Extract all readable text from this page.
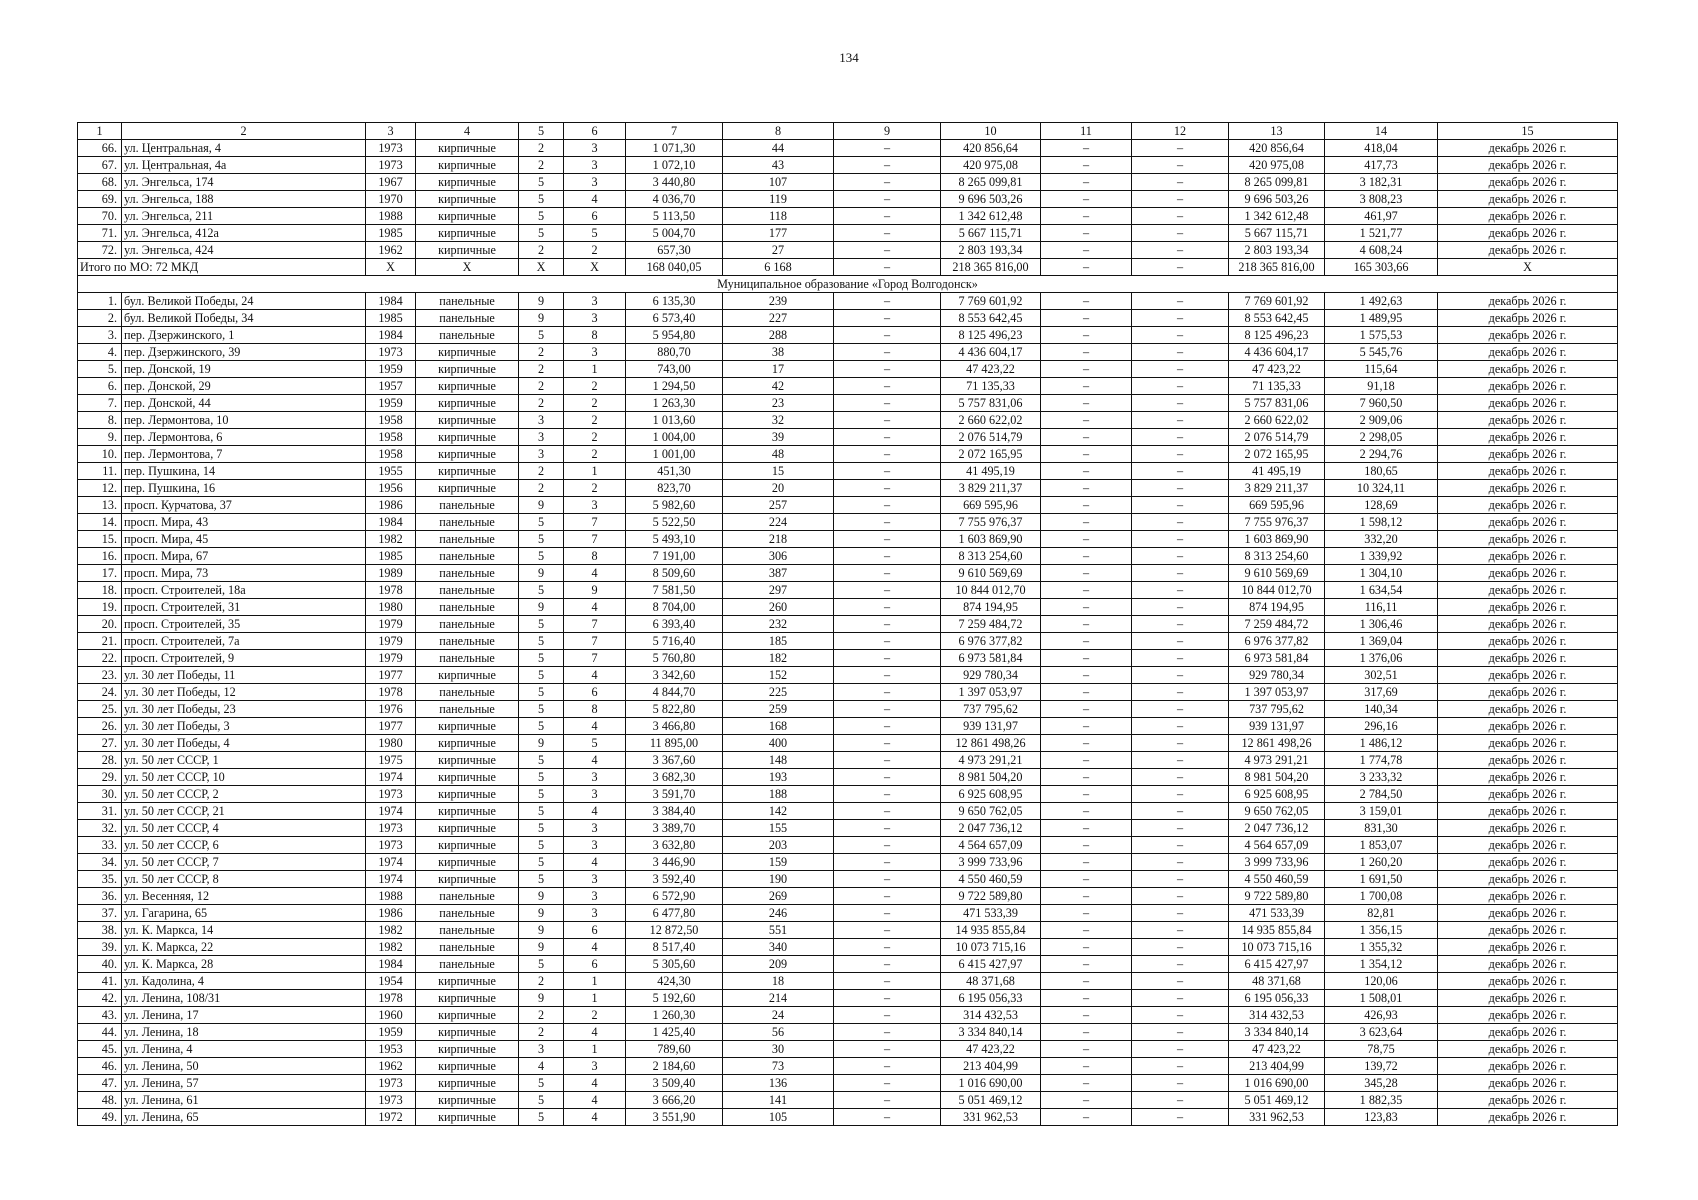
134
1	2	3	4	5	6	7	8	9	10	11	12	13	14	15
66.	ул. Центральная, 4	1973	кирпичные	2	3	1 071,30	44	–	420 856,64	–	–	420 856,64	418,04	декабрь 2026 г.
67.	ул. Центральная, 4а	1973	кирпичные	2	3	1 072,10	43	–	420 975,08	–	–	420 975,08	417,73	декабрь 2026 г.
68.	ул. Энгельса, 174	1967	кирпичные	5	3	3 440,80	107	–	8 265 099,81	–	–	8 265 099,81	3 182,31	декабрь 2026 г.
69.	ул. Энгельса, 188	1970	кирпичные	5	4	4 036,70	119	–	9 696 503,26	–	–	9 696 503,26	3 808,23	декабрь 2026 г.
70.	ул. Энгельса, 211	1988	кирпичные	5	6	5 113,50	118	–	1 342 612,48	–	–	1 342 612,48	461,97	декабрь 2026 г.
71.	ул. Энгельса, 412а	1985	кирпичные	5	5	5 004,70	177	–	5 667 115,71	–	–	5 667 115,71	1 521,77	декабрь 2026 г.
72.	ул. Энгельса, 424	1962	кирпичные	2	2	657,30	27	–	2 803 193,34	–	–	2 803 193,34	4 608,24	декабрь 2026 г.
Итого по МО: 72 МКД		Х	Х	Х	Х	168 040,05	6 168	–	218 365 816,00	–	–	218 365 816,00	165 303,66	Х
Муниципальное образование «Город Волгодонск»														
1.	бул. Великой Победы, 24	1984	панельные	9	3	6 135,30	239	–	7 769 601,92	–	–	7 769 601,92	1 492,63	декабрь 2026 г.
2.	бул. Великой Победы, 34	1985	панельные	9	3	6 573,40	227	–	8 553 642,45	–	–	8 553 642,45	1 489,95	декабрь 2026 г.
3.	пер. Дзержинского, 1	1984	панельные	5	8	5 954,80	288	–	8 125 496,23	–	–	8 125 496,23	1 575,53	декабрь 2026 г.
4.	пер. Дзержинского, 39	1973	кирпичные	2	3	880,70	38	–	4 436 604,17	–	–	4 436 604,17	5 545,76	декабрь 2026 г.
5.	пер. Донской, 19	1959	кирпичные	2	1	743,00	17	–	47 423,22	–	–	47 423,22	115,64	декабрь 2026 г.
6.	пер. Донской, 29	1957	кирпичные	2	2	1 294,50	42	–	71 135,33	–	–	71 135,33	91,18	декабрь 2026 г.
7.	пер. Донской, 44	1959	кирпичные	2	2	1 263,30	23	–	5 757 831,06	–	–	5 757 831,06	7 960,50	декабрь 2026 г.
8.	пер. Лермонтова, 10	1958	кирпичные	3	2	1 013,60	32	–	2 660 622,02	–	–	2 660 622,02	2 909,06	декабрь 2026 г.
9.	пер. Лермонтова, 6	1958	кирпичные	3	2	1 004,00	39	–	2 076 514,79	–	–	2 076 514,79	2 298,05	декабрь 2026 г.
10.	пер. Лермонтова, 7	1958	кирпичные	3	2	1 001,00	48	–	2 072 165,95	–	–	2 072 165,95	2 294,76	декабрь 2026 г.
11.	пер. Пушкина, 14	1955	кирпичные	2	1	451,30	15	–	41 495,19	–	–	41 495,19	180,65	декабрь 2026 г.
12.	пер. Пушкина, 16	1956	кирпичные	2	2	823,70	20	–	3 829 211,37	–	–	3 829 211,37	10 324,11	декабрь 2026 г.
13.	просп. Курчатова, 37	1986	панельные	9	3	5 982,60	257	–	669 595,96	–	–	669 595,96	128,69	декабрь 2026 г.
14.	просп. Мира, 43	1984	панельные	5	7	5 522,50	224	–	7 755 976,37	–	–	7 755 976,37	1 598,12	декабрь 2026 г.
15.	просп. Мира, 45	1982	панельные	5	7	5 493,10	218	–	1 603 869,90	–	–	1 603 869,90	332,20	декабрь 2026 г.
16.	просп. Мира, 67	1985	панельные	5	8	7 191,00	306	–	8 313 254,60	–	–	8 313 254,60	1 339,92	декабрь 2026 г.
17.	просп. Мира, 73	1989	панельные	9	4	8 509,60	387	–	9 610 569,69	–	–	9 610 569,69	1 304,10	декабрь 2026 г.
18.	просп. Строителей, 18а	1978	панельные	5	9	7 581,50	297	–	10 844 012,70	–	–	10 844 012,70	1 634,54	декабрь 2026 г.
19.	просп. Строителей, 31	1980	панельные	9	4	8 704,00	260	–	874 194,95	–	–	874 194,95	116,11	декабрь 2026 г.
20.	просп. Строителей, 35	1979	панельные	5	7	6 393,40	232	–	7 259 484,72	–	–	7 259 484,72	1 306,46	декабрь 2026 г.
21.	просп. Строителей, 7а	1979	панельные	5	7	5 716,40	185	–	6 976 377,82	–	–	6 976 377,82	1 369,04	декабрь 2026 г.
22.	просп. Строителей, 9	1979	панельные	5	7	5 760,80	182	–	6 973 581,84	–	–	6 973 581,84	1 376,06	декабрь 2026 г.
23.	ул. 30 лет Победы, 11	1977	кирпичные	5	4	3 342,60	152	–	929 780,34	–	–	929 780,34	302,51	декабрь 2026 г.
24.	ул. 30 лет Победы, 12	1978	панельные	5	6	4 844,70	225	–	1 397 053,97	–	–	1 397 053,97	317,69	декабрь 2026 г.
25.	ул. 30 лет Победы, 23	1976	панельные	5	8	5 822,80	259	–	737 795,62	–	–	737 795,62	140,34	декабрь 2026 г.
26.	ул. 30 лет Победы, 3	1977	кирпичные	5	4	3 466,80	168	–	939 131,97	–	–	939 131,97	296,16	декабрь 2026 г.
27.	ул. 30 лет Победы, 4	1980	кирпичные	9	5	11 895,00	400	–	12 861 498,26	–	–	12 861 498,26	1 486,12	декабрь 2026 г.
28.	ул. 50 лет СССР, 1	1975	кирпичные	5	4	3 367,60	148	–	4 973 291,21	–	–	4 973 291,21	1 774,78	декабрь 2026 г.
29.	ул. 50 лет СССР, 10	1974	кирпичные	5	3	3 682,30	193	–	8 981 504,20	–	–	8 981 504,20	3 233,32	декабрь 2026 г.
30.	ул. 50 лет СССР, 2	1973	кирпичные	5	3	3 591,70	188	–	6 925 608,95	–	–	6 925 608,95	2 784,50	декабрь 2026 г.
31.	ул. 50 лет СССР, 21	1974	кирпичные	5	4	3 384,40	142	–	9 650 762,05	–	–	9 650 762,05	3 159,01	декабрь 2026 г.
32.	ул. 50 лет СССР, 4	1973	кирпичные	5	3	3 389,70	155	–	2 047 736,12	–	–	2 047 736,12	831,30	декабрь 2026 г.
33.	ул. 50 лет СССР, 6	1973	кирпичные	5	3	3 632,80	203	–	4 564 657,09	–	–	4 564 657,09	1 853,07	декабрь 2026 г.
34.	ул. 50 лет СССР, 7	1974	кирпичные	5	4	3 446,90	159	–	3 999 733,96	–	–	3 999 733,96	1 260,20	декабрь 2026 г.
35.	ул. 50 лет СССР, 8	1974	кирпичные	5	3	3 592,40	190	–	4 550 460,59	–	–	4 550 460,59	1 691,50	декабрь 2026 г.
36.	ул. Весенняя, 12	1988	панельные	9	3	6 572,90	269	–	9 722 589,80	–	–	9 722 589,80	1 700,08	декабрь 2026 г.
37.	ул. Гагарина, 65	1986	панельные	9	3	6 477,80	246	–	471 533,39	–	–	471 533,39	82,81	декабрь 2026 г.
38.	ул. К. Маркса, 14	1982	панельные	9	6	12 872,50	551	–	14 935 855,84	–	–	14 935 855,84	1 356,15	декабрь 2026 г.
39.	ул. К. Маркса, 22	1982	панельные	9	4	8 517,40	340	–	10 073 715,16	–	–	10 073 715,16	1 355,32	декабрь 2026 г.
40.	ул. К. Маркса, 28	1984	панельные	5	6	5 305,60	209	–	6 415 427,97	–	–	6 415 427,97	1 354,12	декабрь 2026 г.
41.	ул. Кадолина, 4	1954	кирпичные	2	1	424,30	18	–	48 371,68	–	–	48 371,68	120,06	декабрь 2026 г.
42.	ул. Ленина, 108/31	1978	кирпичные	9	1	5 192,60	214	–	6 195 056,33	–	–	6 195 056,33	1 508,01	декабрь 2026 г.
43.	ул. Ленина, 17	1960	кирпичные	2	2	1 260,30	24	–	314 432,53	–	–	314 432,53	426,93	декабрь 2026 г.
44.	ул. Ленина, 18	1959	кирпичные	2	4	1 425,40	56	–	3 334 840,14	–	–	3 334 840,14	3 623,64	декабрь 2026 г.
45.	ул. Ленина, 4	1953	кирпичные	3	1	789,60	30	–	47 423,22	–	–	47 423,22	78,75	декабрь 2026 г.
46.	ул. Ленина, 50	1962	кирпичные	4	3	2 184,60	73	–	213 404,99	–	–	213 404,99	139,72	декабрь 2026 г.
47.	ул. Ленина, 57	1973	кирпичные	5	4	3 509,40	136	–	1 016 690,00	–	–	1 016 690,00	345,28	декабрь 2026 г.
48.	ул. Ленина, 61	1973	кирпичные	5	4	3 666,20	141	–	5 051 469,12	–	–	5 051 469,12	1 882,35	декабрь 2026 г.
49.	ул. Ленина, 65	1972	кирпичные	5	4	3 551,90	105	–	331 962,53	–	–	331 962,53	123,83	декабрь 2026 г.
